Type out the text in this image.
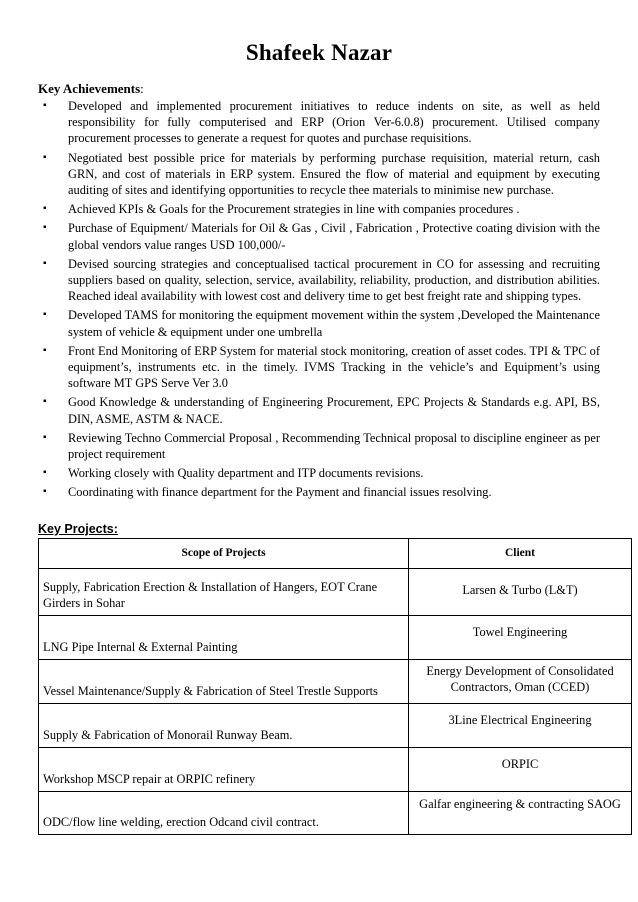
Shafeek Nazar
Key Achievements:
▪ Developed and implemented procurement initiatives to reduce indents on site, as well as held responsibility for fully computerised and ERP (Orion Ver-6.0.8) procurement. Utilised company procurement processes to generate a request for quotes and purchase requisitions.
▪ Negotiated best possible price for materials by performing purchase requisition, material return, cash GRN, and cost of materials in ERP system. Ensured the flow of material and equipment by executing auditing of sites and identifying opportunities to recycle thee materials to minimise new purchase.
▪ Achieved KPIs & Goals for the Procurement strategies in line with companies procedures .
▪ Purchase of Equipment/ Materials for Oil & Gas , Civil , Fabrication , Protective coating division with the global vendors value ranges USD 100,000/-
▪ Devised sourcing strategies and conceptualised tactical procurement in CO for assessing and recruiting suppliers based on quality, selection, service, availability, reliability, production, and distribution abilities. Reached ideal availability with lowest cost and delivery time to get best freight rate and shipping types.
▪ Developed TAMS for monitoring the equipment movement within the system ,Developed the Maintenance system of vehicle & equipment under one umbrella
▪ Front End Monitoring of ERP System for material stock monitoring, creation of asset codes. TPI & TPC of equipment’s, instruments etc. in the timely. IVMS Tracking in the vehicle’s and Equipment’s using software MT GPS Serve Ver 3.0
▪ Good Knowledge & understanding of Engineering Procurement, EPC Projects & Standards e.g. API, BS, DIN, ASME, ASTM & NACE.
▪ Reviewing Techno Commercial Proposal , Recommending Technical proposal to discipline engineer as per project requirement
▪ Working closely with Quality department and ITP documents revisions.
▪ Coordinating with finance department for the Payment and financial issues resolving.
Key Projects:
Scope of Projects	Client
Supply, Fabrication Erection & Installation of Hangers, EOT Crane Girders in Sohar	Larsen & Turbo (L&T)
LNG Pipe Internal & External Painting	Towel Engineering
Vessel Maintenance/Supply & Fabrication of Steel Trestle Supports	Energy Development of Consolidated Contractors, Oman (CCED)
Supply & Fabrication of Monorail Runway Beam.	3Line Electrical Engineering
Workshop MSCP repair at ORPIC refinery	ORPIC
ODC/flow line welding, erection Odcand civil contract.	Galfar engineering & contracting SAOG
